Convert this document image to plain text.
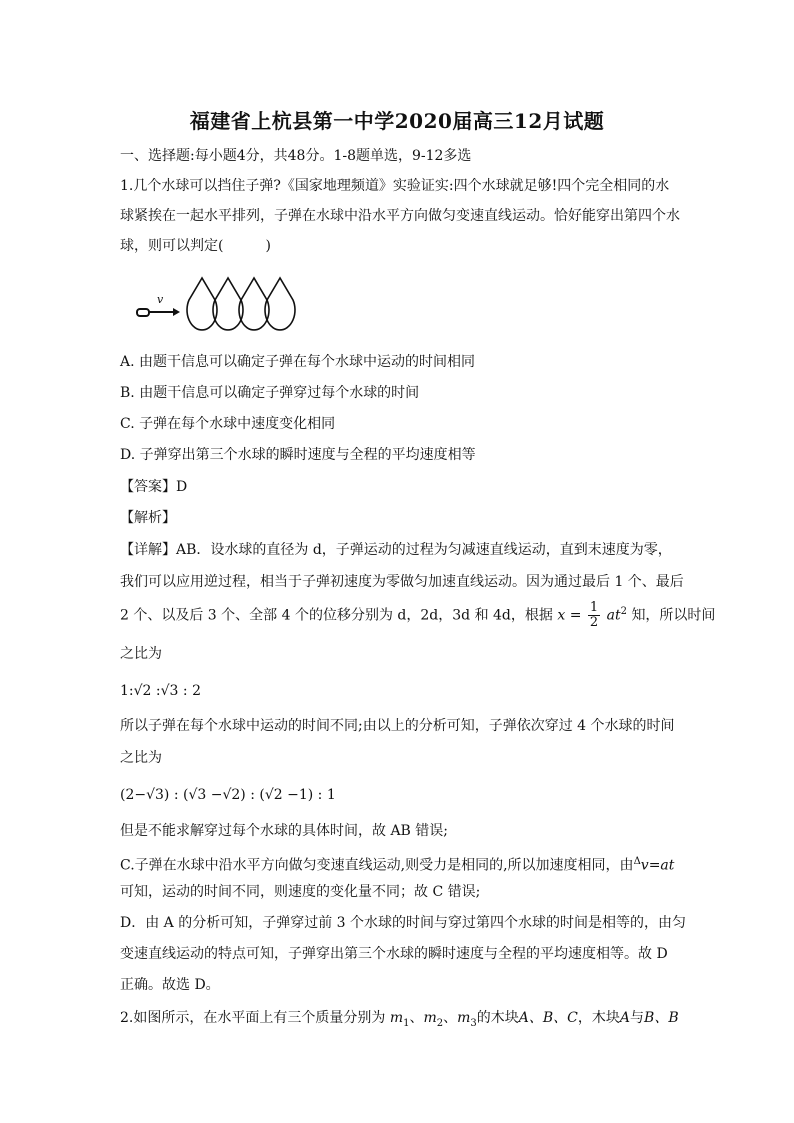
福建省上杭县第一中学2020届高三12月试题
一、选择题:每小题4分，共48分。1-8题单选，9-12多选
1.几个水球可以挡住子弹?《国家地理频道》实验证实:四个水球就足够!四个完全相同的水
球紧挨在一起水平排列，子弹在水球中沿水平方向做匀变速直线运动。恰好能穿出第四个水
球，则可以判定(　　　)
v
A. 由题干信息可以确定子弹在每个水球中运动的时间相同
B. 由题干信息可以确定子弹穿过每个水球的时间
C. 子弹在每个水球中速度变化相同
D. 子弹穿出第三个水球的瞬时速度与全程的平均速度相等
【答案】D
【解析】
【详解】AB．设水球的直径为 d，子弹运动的过程为匀减速直线运动，直到末速度为零，
我们可以应用逆过程，相当于子弹初速度为零做匀加速直线运动。因为通过最后 1 个、最后
2 个、以及后 3 个、全部 4 个的位移分别为 d，2d，3d 和 4d，根据 $x = \frac{1}{2} at^2$ 知，所以时间
之比为
1:√2 :√3 : 2
所以子弹在每个水球中运动的时间不同;由以上的分析可知，子弹依次穿过 4 个水球的时间
之比为
(2−√3) : (√3 −√2) : (√2 −1) : 1
但是不能求解穿过每个水球的具体时间，故 AB 错误;
C.子弹在水球中沿水平方向做匀变速直线运动,则受力是相同的,所以加速度相同，由$^\Delta$v=at
可知，运动的时间不同，则速度的变化量不同；故 C 错误;
D．由 A 的分析可知，子弹穿过前 3 个水球的时间与穿过第四个水球的时间是相等的，由匀
变速直线运动的特点可知，子弹穿出第三个水球的瞬时速度与全程的平均速度相等。故 D
正确。故选 D。
2.如图所示，在水平面上有三个质量分别为 $m_1$、$m_2$、$m_3$的木块A、B、C，木块A与B、B
